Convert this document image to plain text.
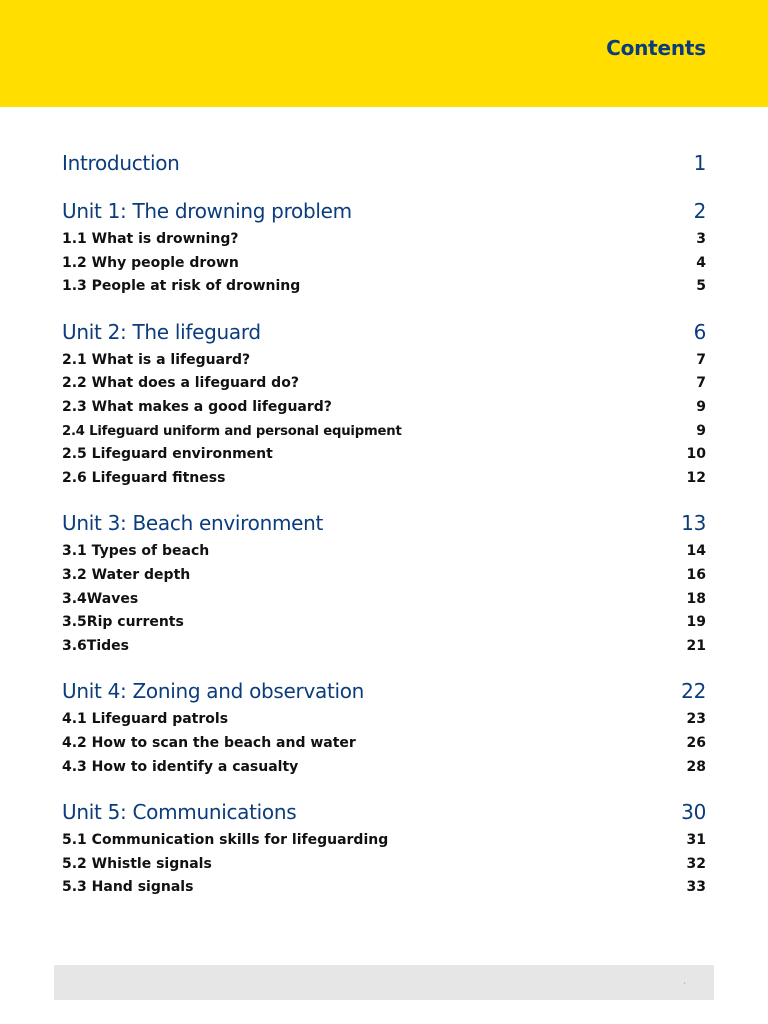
Contents
Introduction	1
Unit 1: The drowning problem	2
1.1 What is drowning?	3
1.2 Why people drown	4
1.3 People at risk of drowning	5
Unit 2: The lifeguard	6
2.1 What is a lifeguard?	7
2.2 What does a lifeguard do?	7
2.3 What makes a good lifeguard?	9
2.4 Lifeguard uniform and personal equipment	9
2.5 Lifeguard environment	10
2.6 Lifeguard fitness	12
Unit 3: Beach environment	13
3.1 Types of beach	14
3.2 Water depth	16
3.4Waves	18
3.5Rip currents	19
3.6Tides	21
Unit 4: Zoning and observation	22
4.1 Lifeguard patrols	23
4.2 How to scan the beach and water	26
4.3 How to identify a casualty	28
Unit 5: Communications	30
5.1 Communication skills for lifeguarding	31
5.2 Whistle signals	32
5.3 Hand signals	33
·
